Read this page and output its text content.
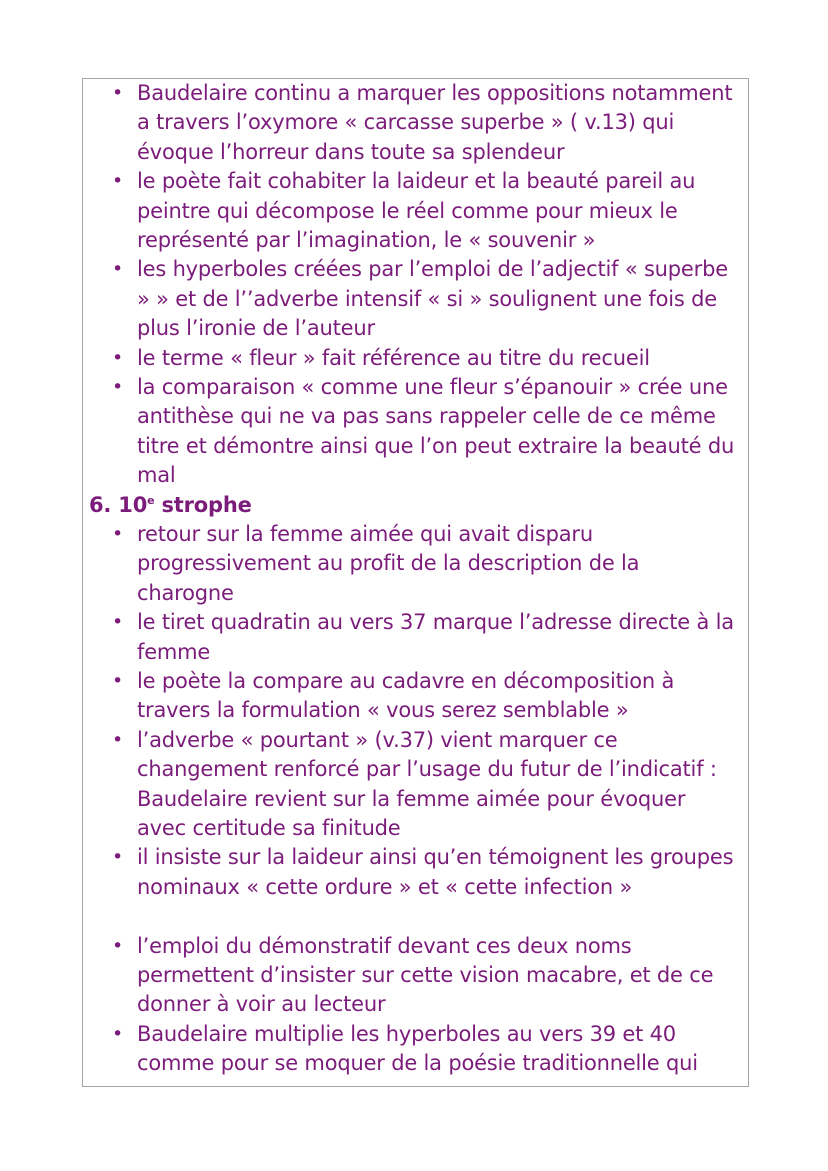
• Baudelaire continu a marquer les oppositions notamment a travers l’oxymore « carcasse superbe » ( v.13) qui évoque l’horreur dans toute sa splendeur
• le poète fait cohabiter la laideur et la beauté pareil au peintre qui décompose le réel comme pour mieux le représenté par l’imagination, le « souvenir »
• les hyperboles créées par l’emploi de l’adjectif « superbe » » et de l’’adverbe intensif « si » soulignent une fois de plus l’ironie de l’auteur
• le terme « fleur » fait référence au titre du recueil
• la comparaison « comme une fleur s’épanouir » crée une antithèse qui ne va pas sans rappeler celle de ce même titre et démontre ainsi que l’on peut extraire la beauté du mal
6. 10e strophe
• retour sur la femme aimée qui avait disparu progressivement au profit de la description de la charogne
• le tiret quadratin au vers 37 marque l’adresse directe à la femme
• le poète la compare au cadavre en décomposition à travers la formulation « vous serez semblable »
• l’adverbe « pourtant » (v.37) vient marquer ce changement renforcé par l’usage du futur de l’indicatif : Baudelaire revient sur la femme aimée pour évoquer avec certitude sa finitude
• il insiste sur la laideur ainsi qu’en témoignent les groupes nominaux « cette ordure » et « cette infection »
• l’emploi du démonstratif devant ces deux noms permettent d’insister sur cette vision macabre, et de ce donner à voir au lecteur
• Baudelaire multiplie les hyperboles au vers 39 et 40 comme pour se moquer de la poésie traditionnelle qui
